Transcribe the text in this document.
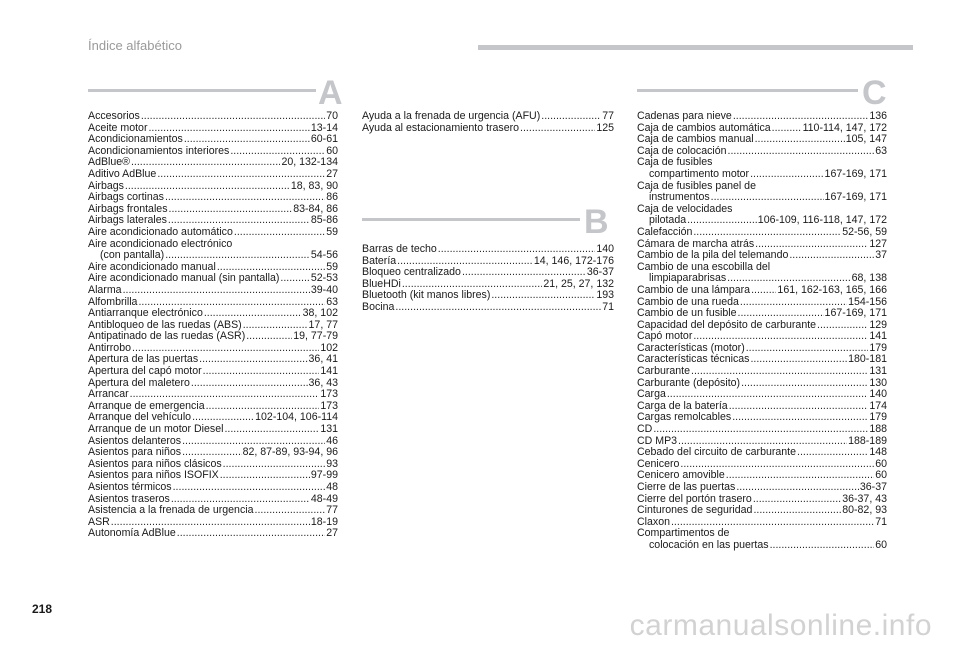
Índice alfabético
A
B
C
Accesorios .....	70
Aceite motor .....	13-14
Acondicionamientos .....	60-61
Acondicionamientos interiores .....	60
AdBlue® .....	20, 132-134
Aditivo AdBlue .....	27
Airbags .....	18, 83, 90
Airbags cortinas .....	86
Airbags frontales .....	83-84, 86
Airbags laterales .....	85-86
Aire acondicionado automático .....	59
Aire acondicionado electrónico
(con pantalla) .....	54-56
Aire acondicionado manual .....	59
Aire acondicionado manual (sin pantalla) .....	52-53
Alarma .....	39-40
Alfombrilla .....	63
Antiarranque electrónico .....	38, 102
Antibloqueo de las ruedas (ABS) .....	17, 77
Antipatinado de las ruedas (ASR) .....	19, 77-79
Antirrobo .....	102
Apertura de las puertas .....	36, 41
Apertura del capó motor .....	141
Apertura del maletero .....	36, 43
Arrancar .....	173
Arranque de emergencia .....	173
Arranque del vehículo .....	102-104, 106-114
Arranque de un motor Diesel .....	131
Asientos delanteros .....	46
Asientos para niños .....	82, 87-89, 93-94, 96
Asientos para niños clásicos .....	93
Asientos para niños ISOFIX .....	97-99
Asientos térmicos .....	48
Asientos traseros .....	48-49
Asistencia a la frenada de urgencia .....	77
ASR .....	18-19
Autonomía AdBlue .....	27
Ayuda a la frenada de urgencia (AFU) .....	77
Ayuda al estacionamiento trasero .....	125
Barras de techo .....	140
Batería .....	14, 146, 172-176
Bloqueo centralizado .....	36-37
BlueHDi .....	21, 25, 27, 132
Bluetooth (kit manos libres) .....	193
Bocina .....	71
Cadenas para nieve .....	136
Caja de cambios automática .....	110-114, 147, 172
Caja de cambios manual .....	105, 147
Caja de colocación .....	63
Caja de fusibles
compartimento motor .....	167-169, 171
Caja de fusibles panel de
instrumentos .....	167-169, 171
Caja de velocidades
pilotada .....	106-109, 116-118, 147, 172
Calefacción .....	52-56, 59
Cámara de marcha atrás .....	127
Cambio de la pila del telemando .....	37
Cambio de una escobilla del
limpiaparabrisas .....	68, 138
Cambio de una lámpara .....	161, 162-163, 165, 166
Cambio de una rueda .....	154-156
Cambio de un fusible .....	167-169, 171
Capacidad del depósito de carburante .....	129
Capó motor .....	141
Características (motor) .....	179
Características técnicas .....	180-181
Carburante .....	131
Carburante (depósito) .....	130
Carga .....	140
Carga de la batería .....	174
Cargas remolcables .....	179
CD .....	188
CD MP3 .....	188-189
Cebado del circuito de carburante .....	148
Cenicero .....	60
Cenicero amovible .....	60
Cierre de las puertas .....	36-37
Cierre del portón trasero .....	36-37, 43
Cinturones de seguridad .....	80-82, 93
Claxon .....	71
Compartimentos de
colocación en las puertas .....	60
218	carmanualsonline.info
